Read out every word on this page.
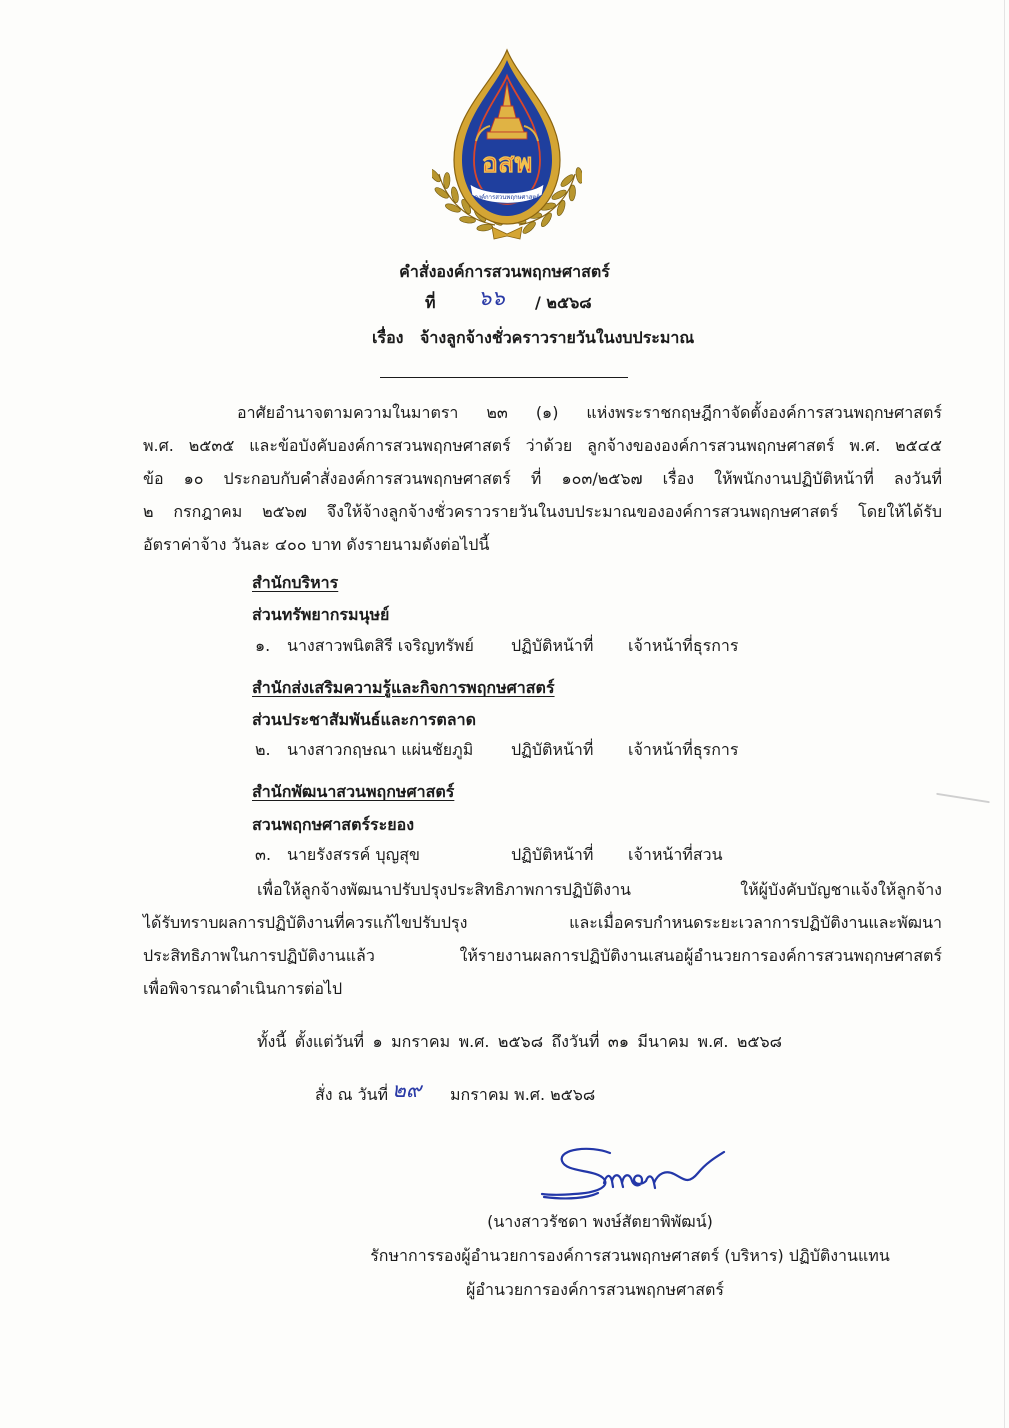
อสพ
องค์การสวนพฤกษศาสตร์
คำสั่งองค์การสวนพฤกษศาสตร์
ที่ ๖๖ / ๒๕๖๘
เรื่อง จ้างลูกจ้างชั่วคราวรายวันในงบประมาณ
อาศัยอำนาจตามความในมาตรา ๒๓ (๑) แห่งพระราชกฤษฎีกาจัดตั้งองค์การสวนพฤกษศาสตร์
พ.ศ. ๒๕๓๕ และข้อบังคับองค์การสวนพฤกษศาสตร์ ว่าด้วย ลูกจ้างขององค์การสวนพฤกษศาสตร์ พ.ศ. ๒๕๔๕
ข้อ ๑๐ ประกอบกับคำสั่งองค์การสวนพฤกษศาสตร์ ที่ ๑๐๓/๒๕๖๗ เรื่อง ให้พนักงานปฏิบัติหน้าที่ ลงวันที่
๒ กรกฎาคม ๒๕๖๗ จึงให้จ้างลูกจ้างชั่วคราวรายวันในงบประมาณขององค์การสวนพฤกษศาสตร์ โดยให้ได้รับ
อัตราค่าจ้าง วันละ ๔๐๐ บาท ดังรายนามดังต่อไปนี้
สำนักบริหาร
ส่วนทรัพยากรมนุษย์
๑. นางสาวพนิตสิรี เจริญทรัพย์ ปฏิบัติหน้าที่ เจ้าหน้าที่ธุรการ
สำนักส่งเสริมความรู้และกิจการพฤกษศาสตร์
ส่วนประชาสัมพันธ์และการตลาด
๒. นางสาวกฤษณา แผ่นชัยภูมิ ปฏิบัติหน้าที่ เจ้าหน้าที่ธุรการ
สำนักพัฒนาสวนพฤกษศาสตร์
สวนพฤกษศาสตร์ระยอง
๓. นายรังสรรค์ บุญสุข	ปฏิบัติหน้าที่ เจ้าหน้าที่สวน
เพื่อให้ลูกจ้างพัฒนาปรับปรุงประสิทธิภาพการปฏิบัติงาน ให้ผู้บังคับบัญชาแจ้งให้ลูกจ้าง
ได้รับทราบผลการปฏิบัติงานที่ควรแก้ไขปรับปรุง และเมื่อครบกำหนดระยะเวลาการปฏิบัติงานและพัฒนา
ประสิทธิภาพในการปฏิบัติงานแล้ว ให้รายงานผลการปฏิบัติงานเสนอผู้อำนวยการองค์การสวนพฤกษศาสตร์
เพื่อพิจารณาดำเนินการต่อไป
ทั้งนี้ ตั้งแต่วันที่ ๑ มกราคม พ.ศ. ๒๕๖๘ ถึงวันที่ ๓๑ มีนาคม พ.ศ. ๒๕๖๘
สั่ง ณ วันที่ ๒๙ มกราคม พ.ศ. ๒๕๖๘
(นางสาวรัชดา พงษ์สัตยาพิพัฒน์)
รักษาการรองผู้อำนวยการองค์การสวนพฤกษศาสตร์ (บริหาร) ปฏิบัติงานแทน
ผู้อำนวยการองค์การสวนพฤกษศาสตร์
